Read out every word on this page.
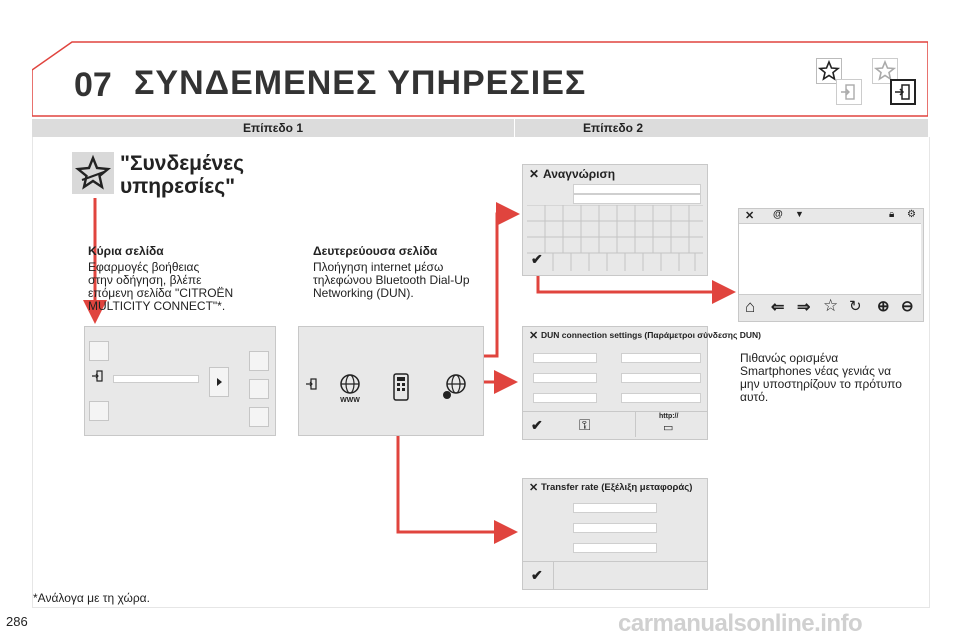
07 ΣΥΝΔΕΜΕΝΕΣ ΥΠΗΡΕΣΙΕΣ
Επίπεδο 1	Επίπεδο 2
"Συνδεμένες
υπηρεσίες"
Κύρια σελίδα
Εφαρμογές βοήθειας
στην οδήγηση, βλέπε
επόμενη σελίδα "CITROËN
MULTICITY CONNECT"*.
Δευτερεύουσα σελίδα
Πλοήγηση internet μέσω
τηλεφώνου Bluetooth Dial-Up
Networking (DUN).
WWW
✕ Αναγνώριση
✔
✕ @ ▼	🔒︎ ⚙︎
⌂ ⇐ ⇒ ☆ ↻ ⊕ ⊖
✕ DUN connection settings (Παράμετροι σύνδεσης DUN)
✔ ⚿
http://
▭
✕ Transfer rate (Εξέλιξη μεταφοράς)
✔
Πιθανώς ορισμένα
Smartphones νέας γενιάς να
μην υποστηρίζουν το πρότυπο
αυτό.
*Ανάλογα με τη χώρα.
286	carmanualsonline.info
